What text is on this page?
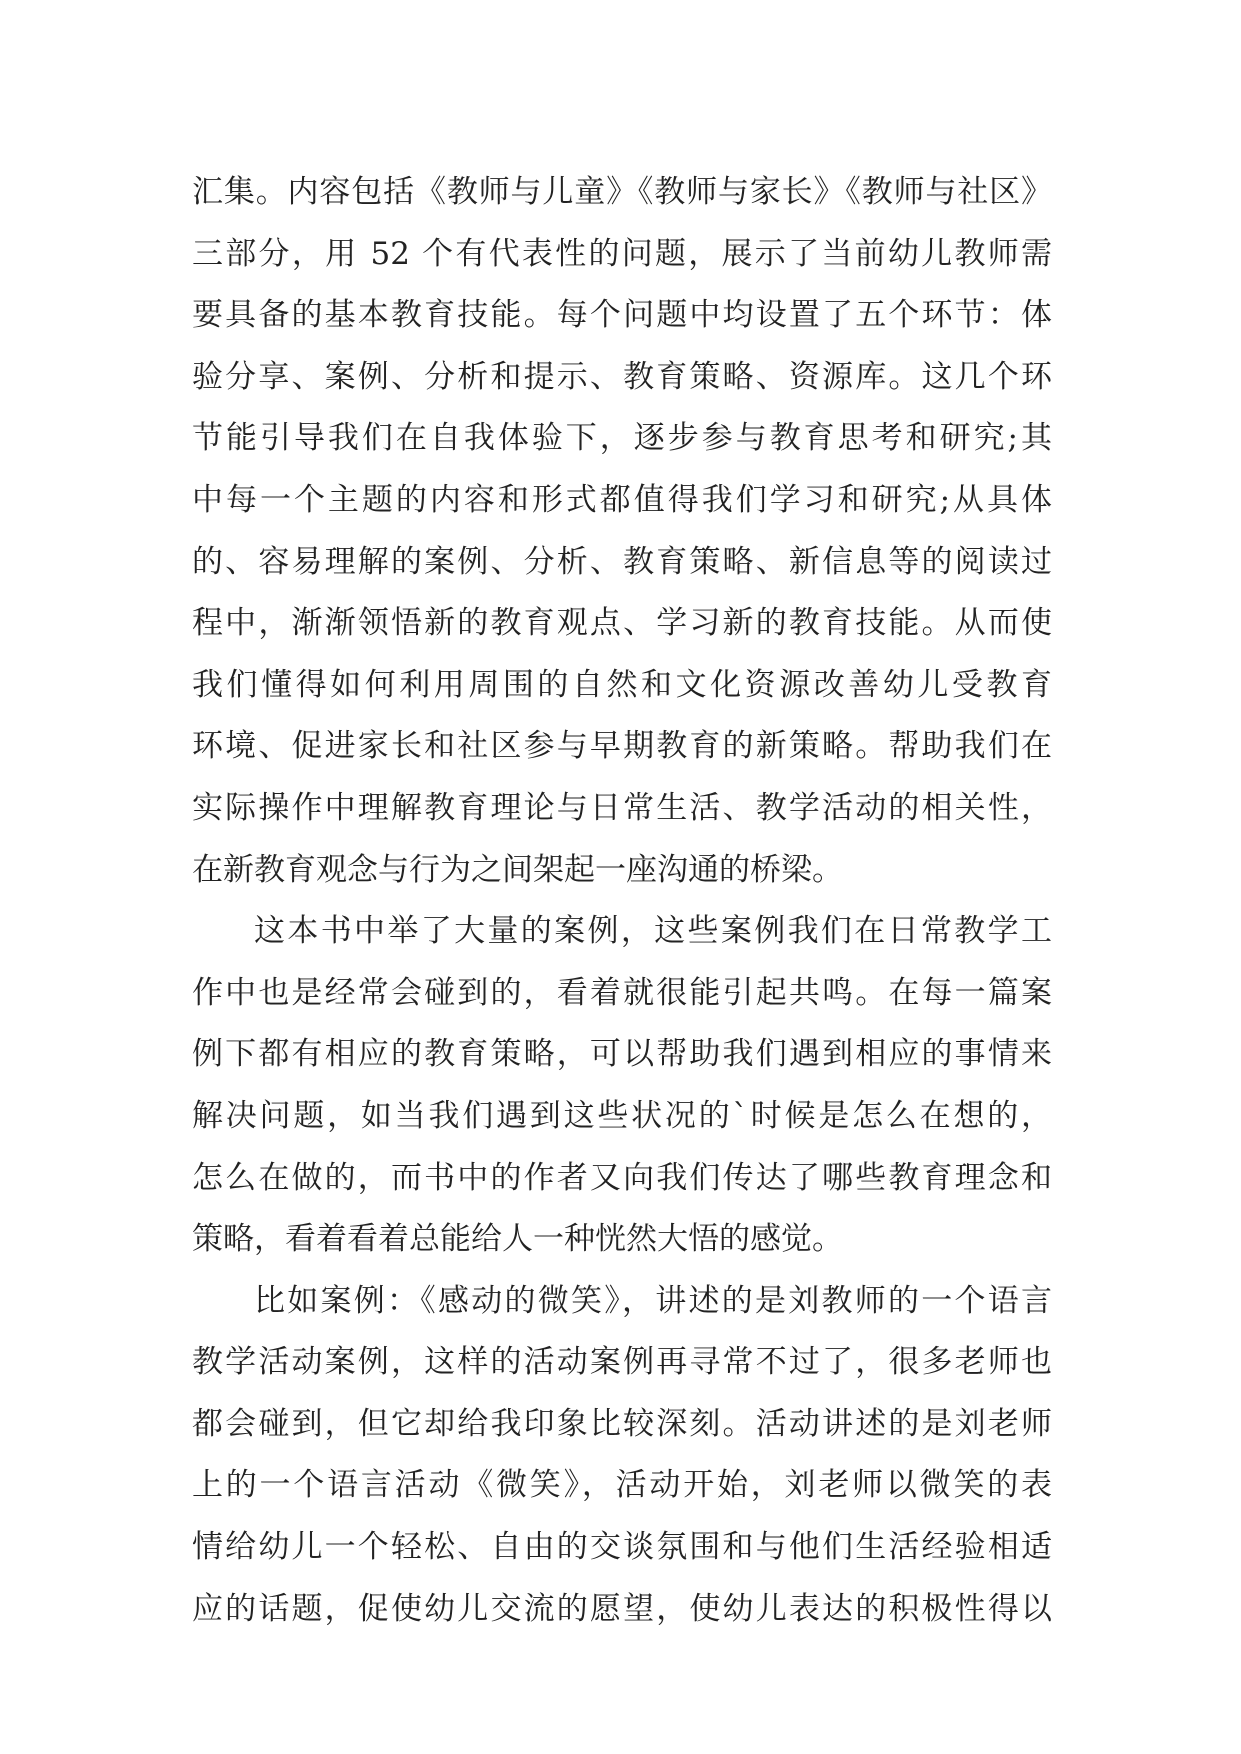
汇集。内容包括《教师与儿童》《教师与家长》《教师与社区》
三部分，用 52 个有代表性的问题，展示了当前幼儿教师需
要具备的基本教育技能。每个问题中均设置了五个环节：体
验分享、案例、分析和提示、教育策略、资源库。这几个环
节能引导我们在自我体验下，逐步参与教育思考和研究;其
中每一个主题的内容和形式都值得我们学习和研究;从具体
的、容易理解的案例、分析、教育策略、新信息等的阅读过
程中，渐渐领悟新的教育观点、学习新的教育技能。从而使
我们懂得如何利用周围的自然和文化资源改善幼儿受教育
环境、促进家长和社区参与早期教育的新策略。帮助我们在
实际操作中理解教育理论与日常生活、教学活动的相关性，
在新教育观念与行为之间架起一座沟通的桥梁。
这本书中举了大量的案例，这些案例我们在日常教学工
作中也是经常会碰到的，看着就很能引起共鸣。在每一篇案
例下都有相应的教育策略，可以帮助我们遇到相应的事情来
解决问题，如当我们遇到这些状况的`时候是怎么在想的，
怎么在做的，而书中的作者又向我们传达了哪些教育理念和
策略，看着看着总能给人一种恍然大悟的感觉。
比如案例：《感动的微笑》，讲述的是刘教师的一个语言
教学活动案例，这样的活动案例再寻常不过了，很多老师也
都会碰到，但它却给我印象比较深刻。活动讲述的是刘老师
上的一个语言活动《微笑》，活动开始，刘老师以微笑的表
情给幼儿一个轻松、自由的交谈氛围和与他们生活经验相适
应的话题，促使幼儿交流的愿望，使幼儿表达的积极性得以
